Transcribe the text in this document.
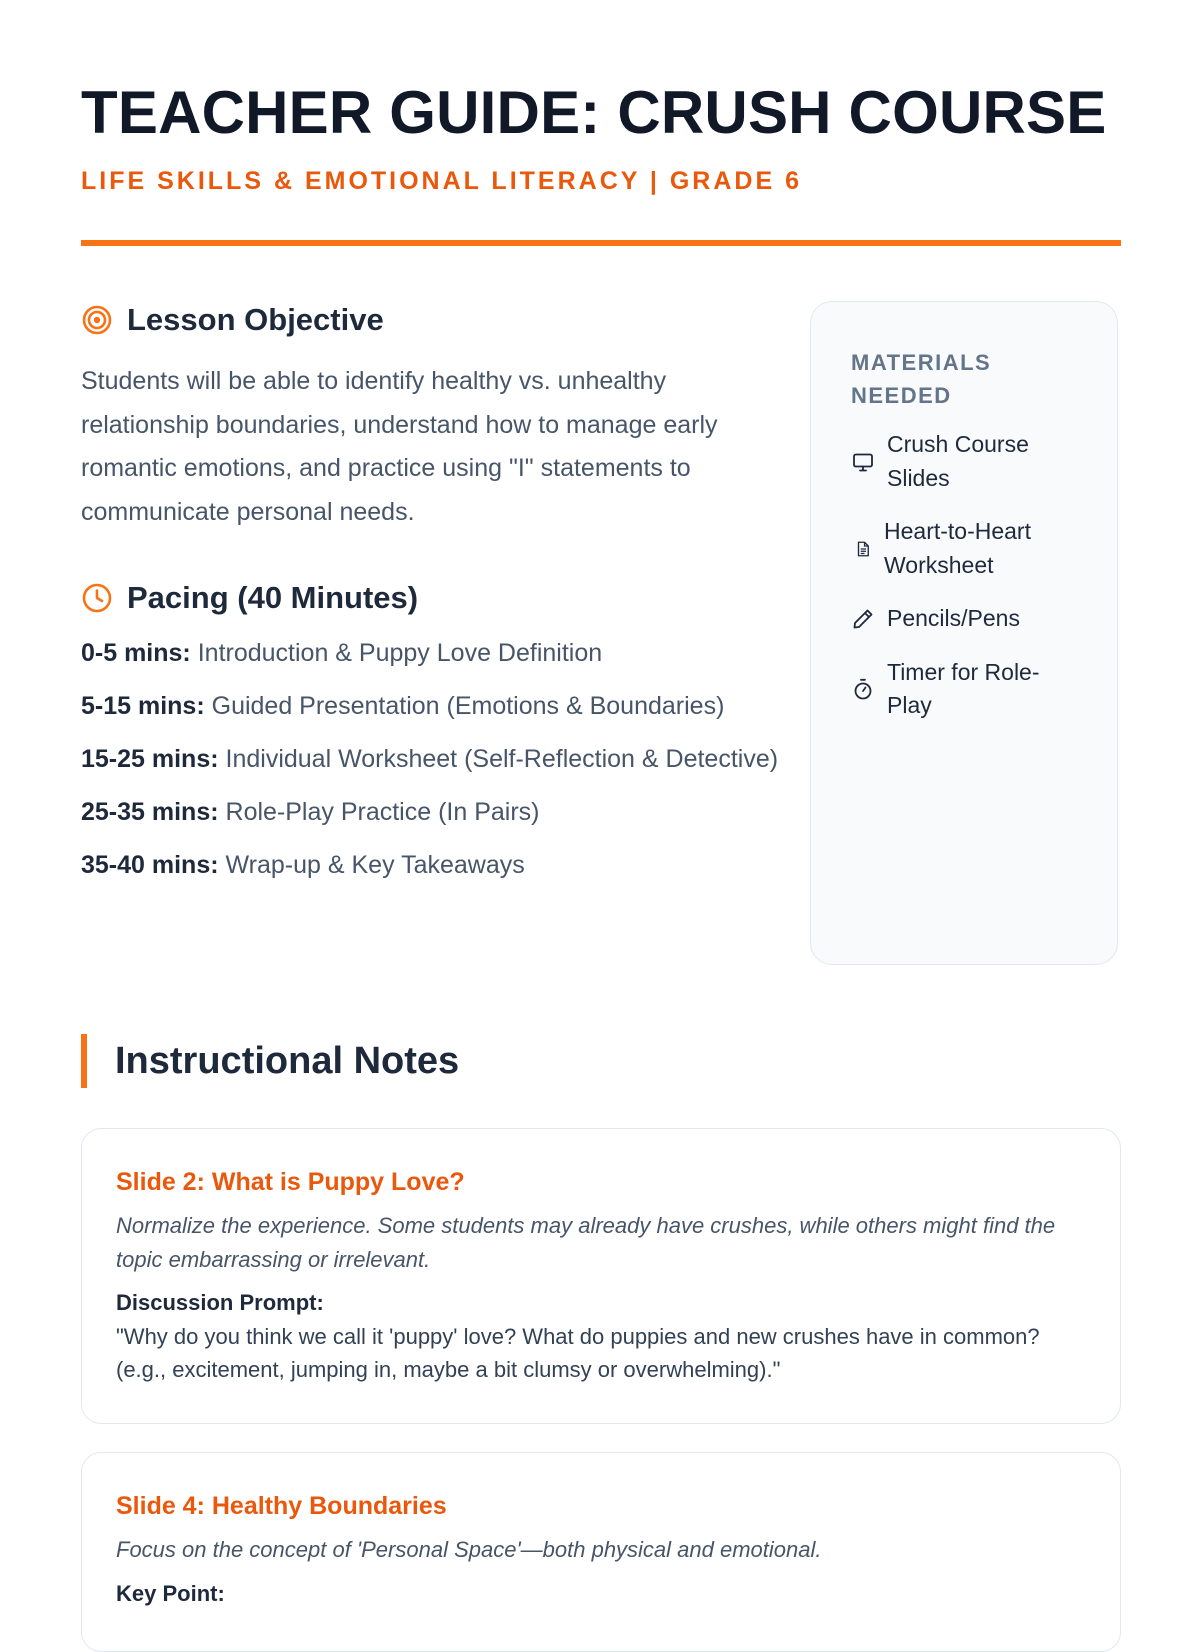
TEACHER GUIDE: CRUSH COURSE
LIFE SKILLS & EMOTIONAL LITERACY | GRADE 6
Lesson Objective

Students will be able to identify healthy vs. unhealthy relationship boundaries, understand how to manage early romantic emotions, and practice using "I" statements to communicate personal needs.

Pacing (40 Minutes)
0-5 mins: Introduction & Puppy Love Definition
5-15 mins: Guided Presentation (Emotions & Boundaries)
15-25 mins: Individual Worksheet (Self-Reflection & Detective)
25-35 mins: Role-Play Practice (In Pairs)
35-40 mins: Wrap-up & Key Takeaways
MATERIALS NEEDED
Crush Course Slides
Heart-to-Heart Worksheet
Pencils/Pens
Timer for Role-Play
Instructional Notes
Slide 2: What is Puppy Love?
Normalize the experience. Some students may already have crushes, while others might find the topic embarrassing or irrelevant.
Discussion Prompt:
"Why do you think we call it 'puppy' love? What do puppies and new crushes have in common? (e.g., excitement, jumping in, maybe a bit clumsy or overwhelming)."
Slide 4: Healthy Boundaries
Focus on the concept of 'Personal Space'—both physical and emotional.
Key Point:
